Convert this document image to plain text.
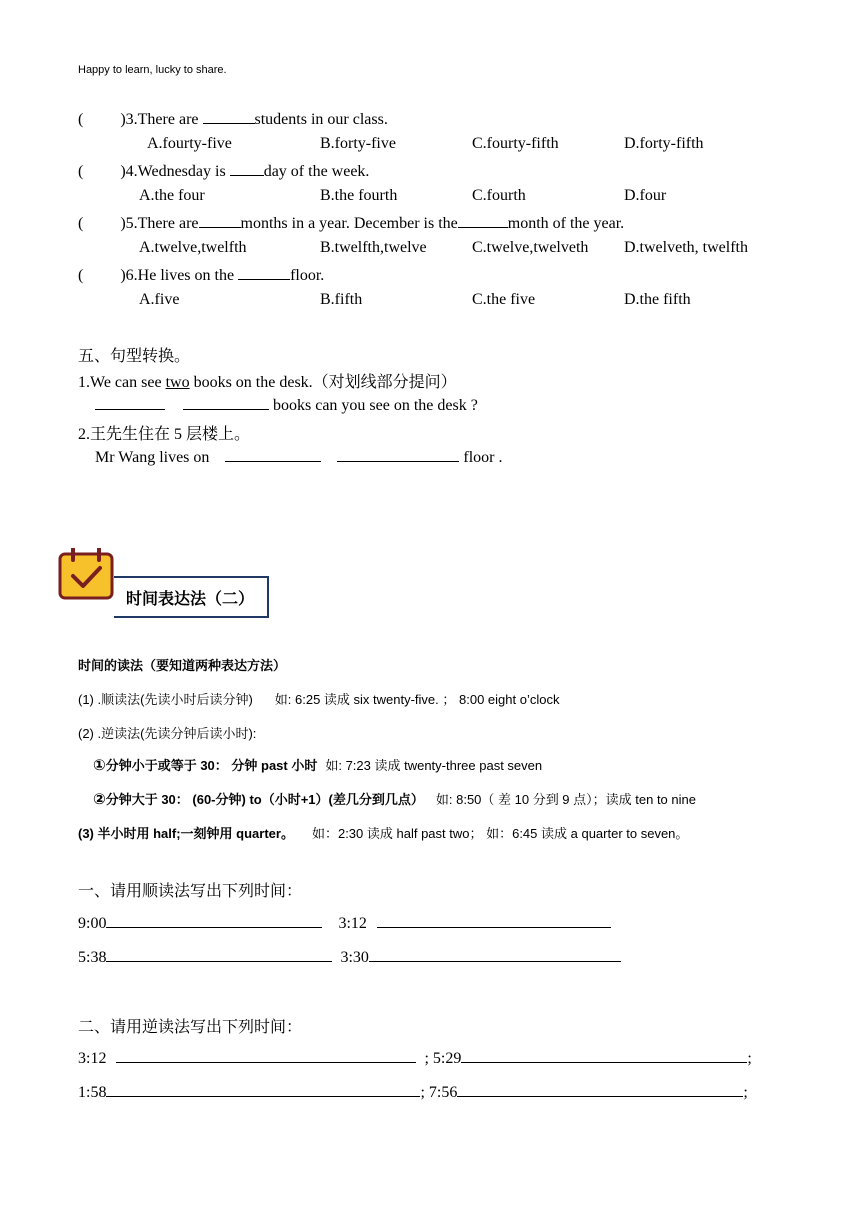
Happy to learn, lucky to share.
( )3.There are	students in our class.
A.fourty-five	B.forty-five	C.fourty-fifth	D.forty-fifth
( )4.Wednesday is day of the week.
A.the four	B.the fourth	C.fourth	D.four
( )5.There are	months in a year. December is the	month of the year.
A.twelve,twelfth	B.twelfth,twelve	C.twelve,twelveth D.twelveth, twelfth
( )6.He lives on the	floor.
A.five	B.fifth	C.the five	D.the fifth
五、句型转换。
1.We can see two books on the desk.（对划线部分提问）
books can you see on the desk ?
2.王先生住在 5 层楼上。
Mr Wang lives on	floor .
时间表达法（二）
时间的读法（要知道两种表达方法）
(1) .顺读法(先读小时后读分钟) 如: 6:25 读成 six twenty-five. ； 8:00 eight o’clock
(2) .逆读法(先读分钟后读小时):
①分钟小于或等于 30： 分钟 past 小时 如: 7:23 读成 twenty-three past seven
②分钟大于 30： (60-分钟) to（小时+1）(差几分到几点） 如: 8:50（ 差 10 分到 9 点）；读成 ten to nine
(3) 半小时用 half;一刻钟用 quarter。 如：2:30 读成 half past two； 如：6:45 读成 a quarter to seven。
一、请用顺读法写出下列时间：
9:00	3:12
5:38	3:30
二、请用逆读法写出下列时间：
3:12	; 5:29	;
1:58	; 7:56	;
